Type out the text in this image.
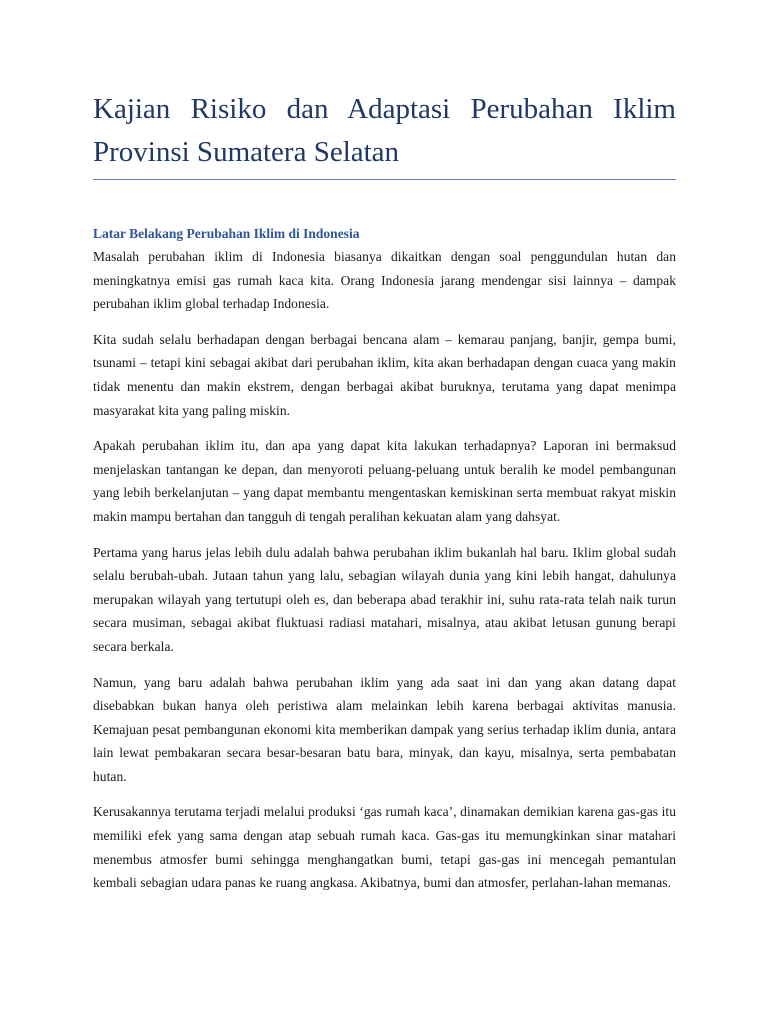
Kajian Risiko dan Adaptasi Perubahan Iklim Provinsi Sumatera Selatan
Latar Belakang Perubahan Iklim di Indonesia

Masalah perubahan iklim di Indonesia biasanya dikaitkan dengan soal penggundulan hutan dan meningkatnya emisi gas rumah kaca kita. Orang Indonesia jarang mendengar sisi lainnya – dampak perubahan iklim global terhadap Indonesia.

Kita sudah selalu berhadapan dengan berbagai bencana alam – kemarau panjang, banjir, gempa bumi, tsunami – tetapi kini sebagai akibat dari perubahan iklim, kita akan berhadapan dengan cuaca yang makin tidak menentu dan makin ekstrem, dengan berbagai akibat buruknya, terutama yang dapat menimpa masyarakat kita yang paling miskin.

Apakah perubahan iklim itu, dan apa yang dapat kita lakukan terhadapnya? Laporan ini bermaksud menjelaskan tantangan ke depan, dan menyoroti peluang-peluang untuk beralih ke model pembangunan yang lebih berkelanjutan – yang dapat membantu mengentaskan kemiskinan serta membuat rakyat miskin makin mampu bertahan dan tangguh di tengah peralihan kekuatan alam yang dahsyat.

Pertama yang harus jelas lebih dulu adalah bahwa perubahan iklim bukanlah hal baru. Iklim global sudah selalu berubah-ubah. Jutaan tahun yang lalu, sebagian wilayah dunia yang kini lebih hangat, dahulunya merupakan wilayah yang tertutupi oleh es, dan beberapa abad terakhir ini, suhu rata-rata telah naik turun secara musiman, sebagai akibat fluktuasi radiasi matahari, misalnya, atau akibat letusan gunung berapi secara berkala.

Namun, yang baru adalah bahwa perubahan iklim yang ada saat ini dan yang akan datang dapat disebabkan bukan hanya oleh peristiwa alam melainkan lebih karena berbagai aktivitas manusia. Kemajuan pesat pembangunan ekonomi kita memberikan dampak yang serius terhadap iklim dunia, antara lain lewat pembakaran secara besar-besaran batu bara, minyak, dan kayu, misalnya, serta pembabatan hutan.

Kerusakannya terutama terjadi melalui produksi ‘gas rumah kaca’, dinamakan demikian karena gas-gas itu memiliki efek yang sama dengan atap sebuah rumah kaca. Gas-gas itu memungkinkan sinar matahari menembus atmosfer bumi sehingga menghangatkan bumi, tetapi gas-gas ini mencegah pemantulan kembali sebagian udara panas ke ruang angkasa. Akibatnya, bumi dan atmosfer, perlahan-lahan memanas.
